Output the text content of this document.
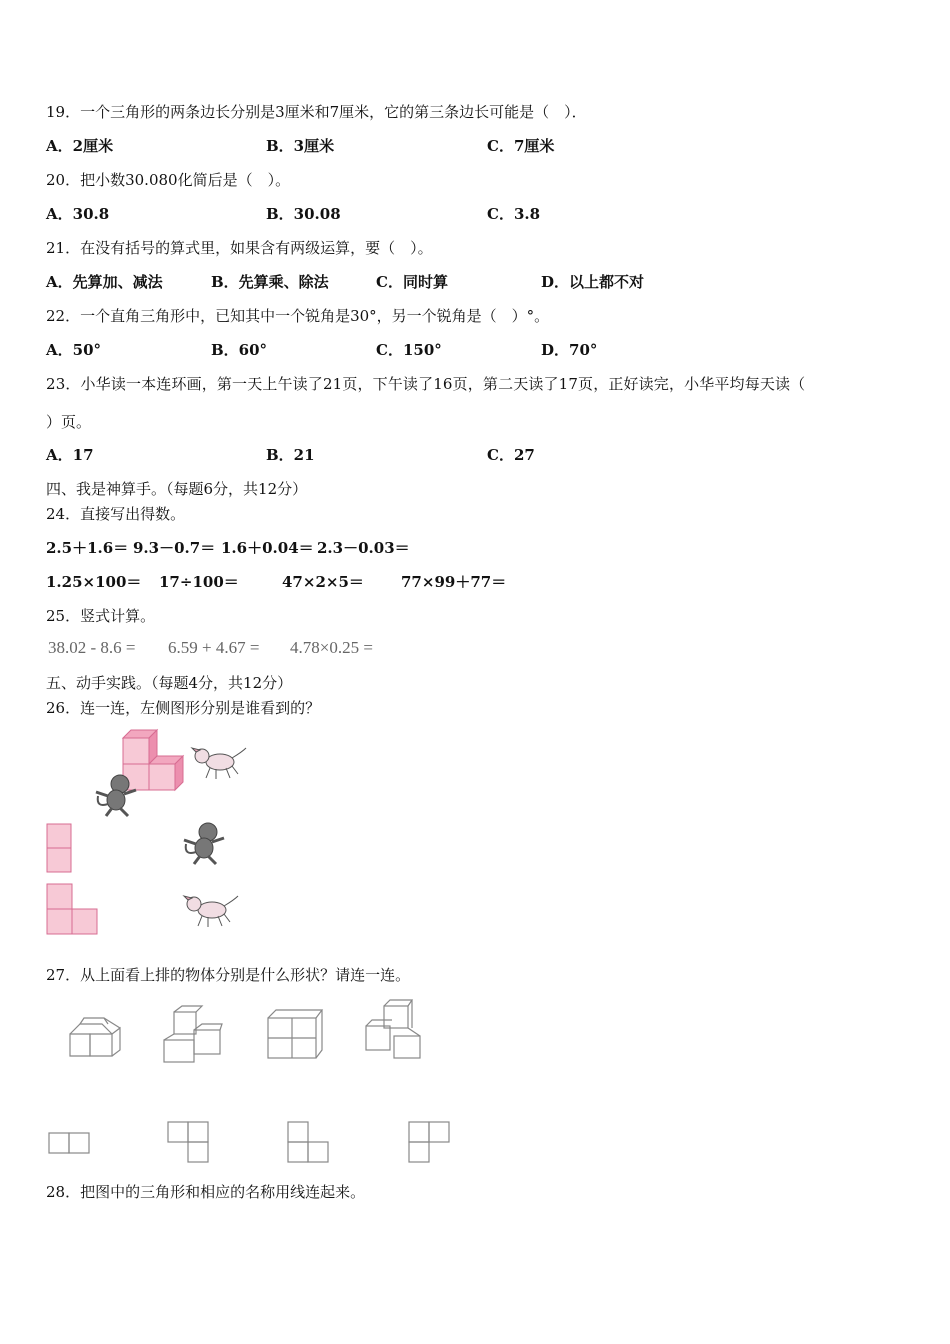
19．一个三角形的两条边长分别是3厘米和7厘米，它的第三条边长可能是（　）．
A．2厘米	B．3厘米	C．7厘米
20．把小数30.080化简后是（　）。
A．30.8	B．30.08	C．3.8
21．在没有括号的算式里，如果含有两级运算，要（　）。
A．先算加、减法	B．先算乘、除法	C．同时算	D．以上都不对
22．一个直角三角形中，已知其中一个锐角是30°，另一个锐角是（　）°。
A．50°	B．60°	C．150°	D．70°
23．小华读一本连环画，第一天上午读了21页，下午读了16页，第二天读了17页，正好读完，小华平均每天读（
）页。
A．17	B．21	C．27
四、我是神算手。（每题6分，共12分）
24．直接写出得数。
2.5＋1.6＝ 9.3－0.7＝ 1.6＋0.04＝ 2.3－0.03＝
1.25×100＝ 17÷100＝	47×2×5＝ 77×99＋77＝
25．竖式计算。
38.02 - 8.6 = 6.59 + 4.67 = 4.78×0.25 =
五、动手实践。（每题4分，共12分）
26．连一连，左侧图形分别是谁看到的？
27．从上面看上排的物体分别是什么形状？请连一连。
28．把图中的三角形和相应的名称用线连起来。
